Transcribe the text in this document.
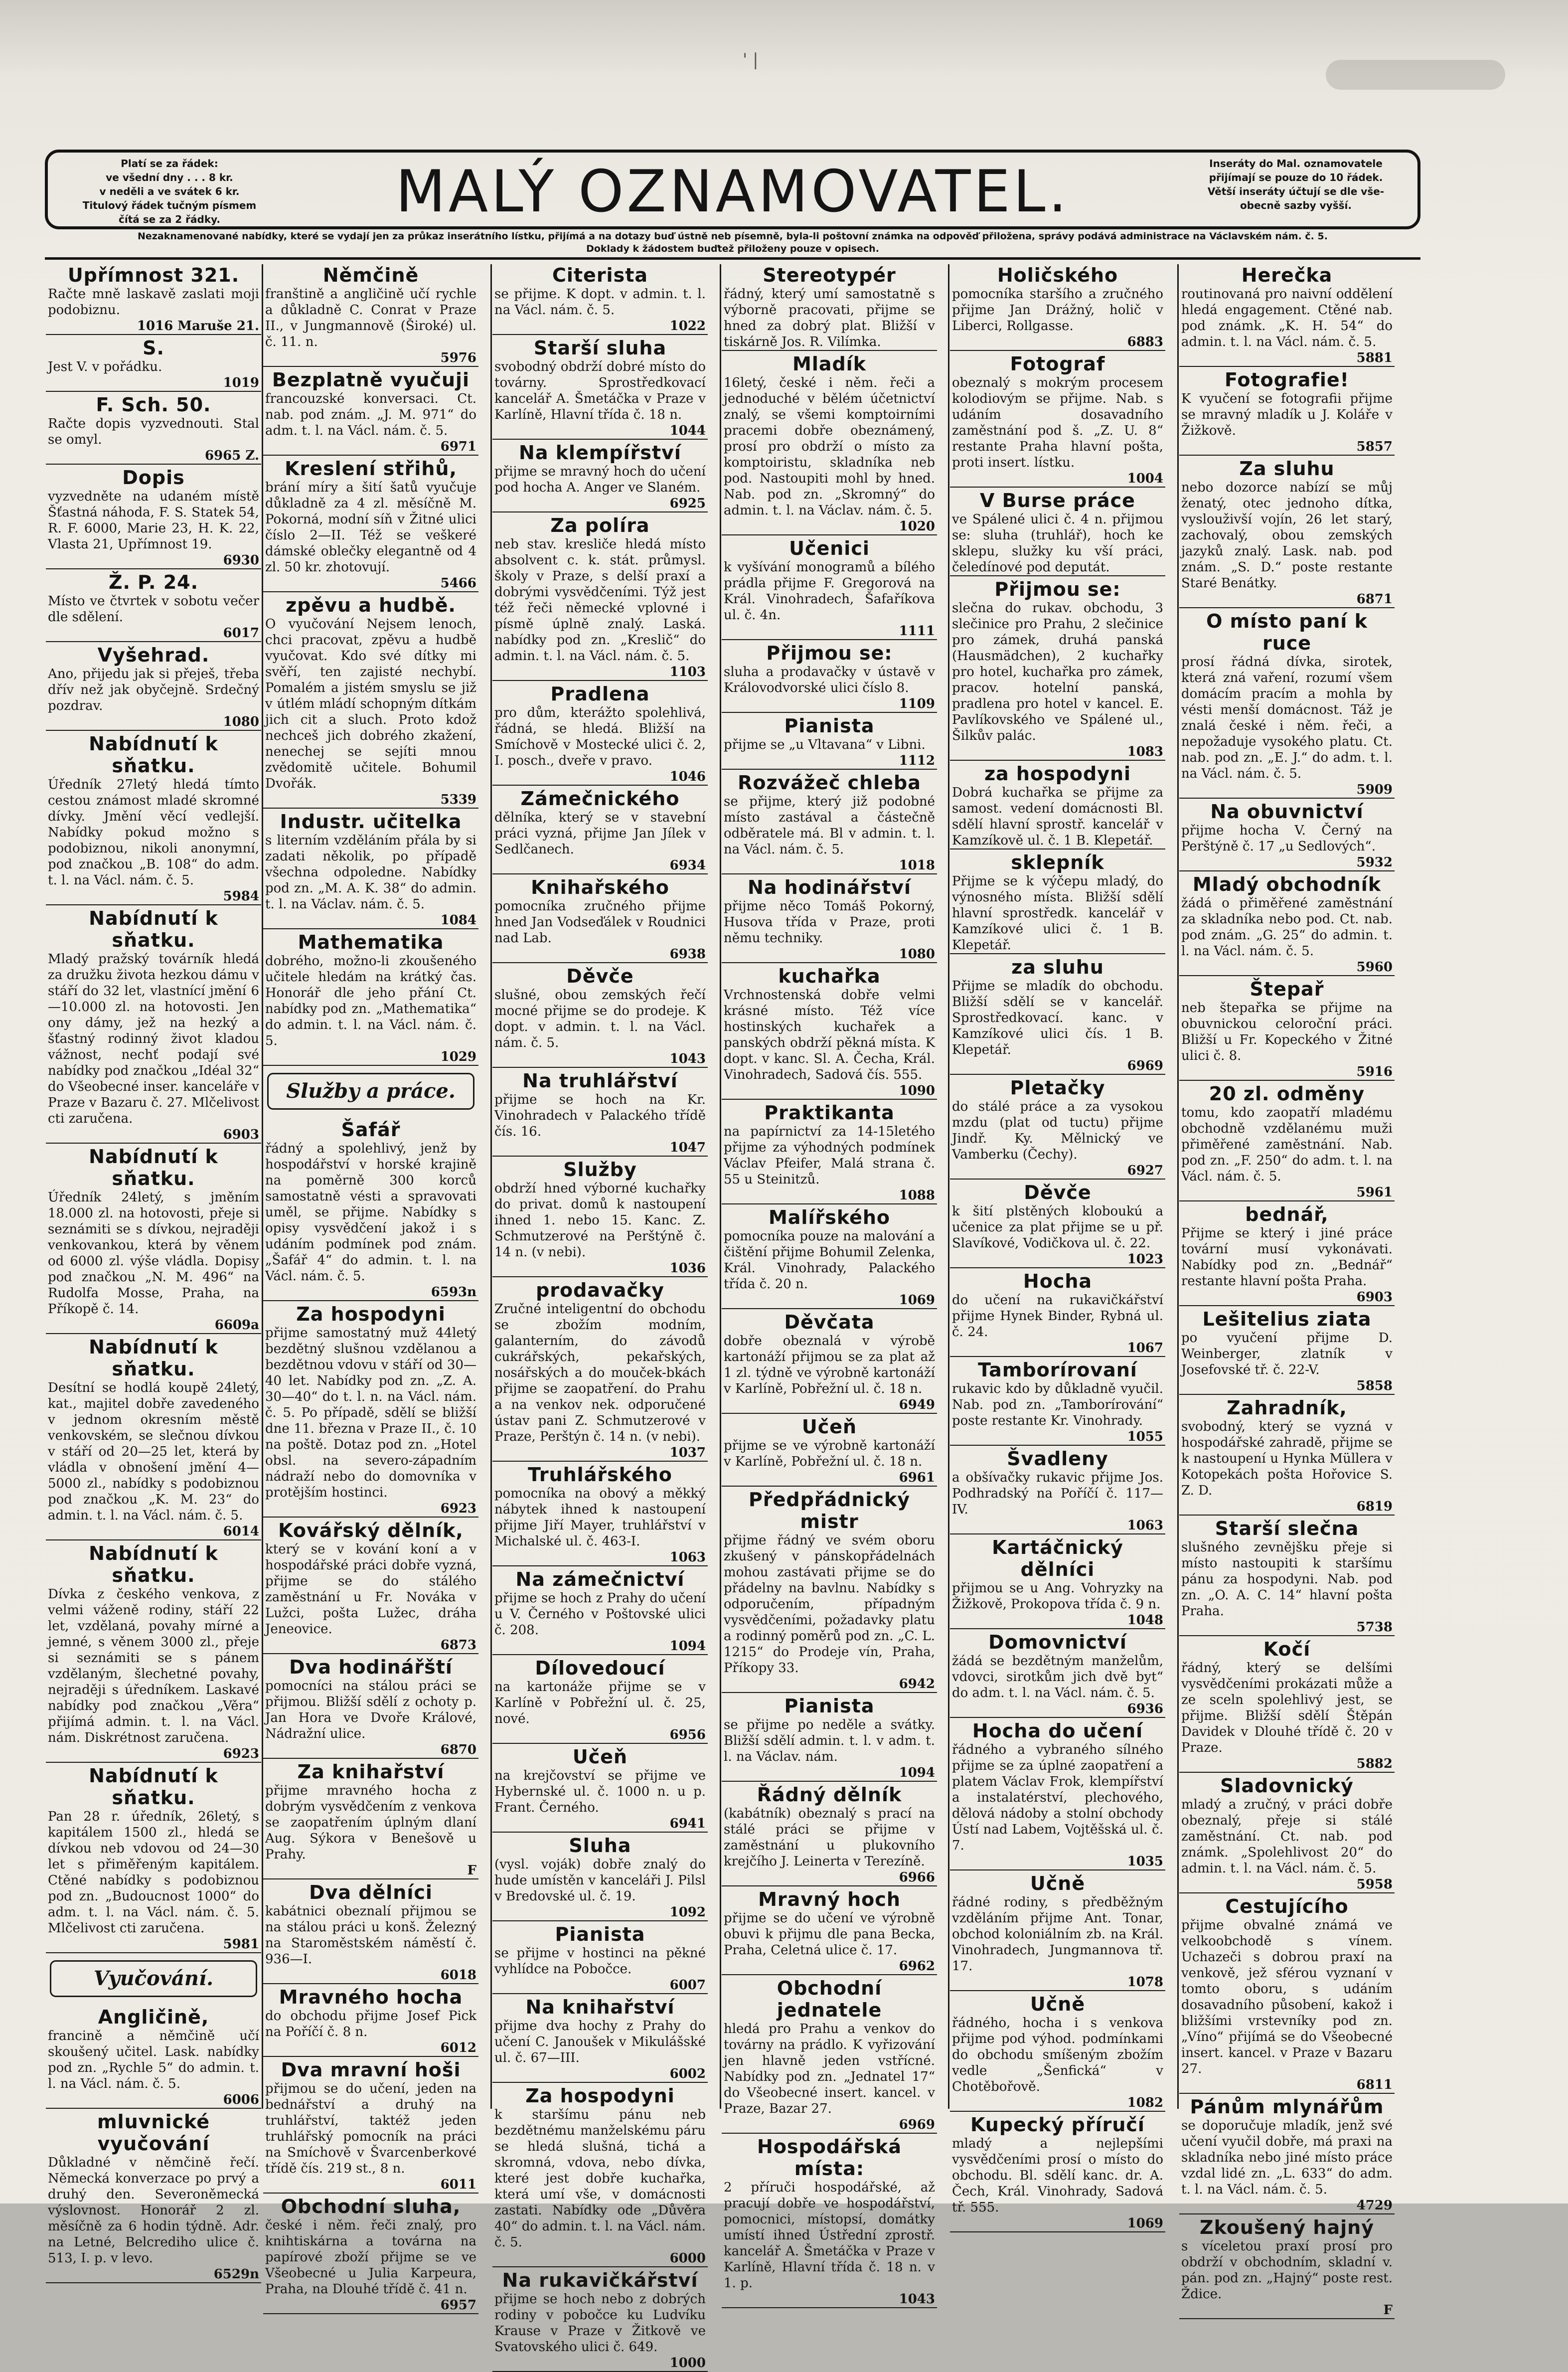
' |
Platí se za řádek:
ve všední dny . . . 8 kr.
v neděli a ve svátek 6 kr.
Titulový řádek tučným písmem
čítá se za 2 řádky.	MALÝ OZNAMOVATEL.	Inseráty do Mal. oznamovatele
přijímají se pouze do 10 řádek.
Větší inseráty účtují se dle vše-
obecně sazby vyšší.
Nezaknamenované nabídky, které se vydají jen za průkaz inserátního lístku, přijímá a na dotazy buď ústně neb písemně, byla-li poštovní známka na odpověď přiložena, správy podává administrace na Václavském nám. č. 5. Doklady k žádostem buďtež přiloženy pouze v opisech.
Upřímnost 321.

Račte mně laskavě zaslati moji podobiznu.

1016 Maruše 21.
S.

Jest V. v pořádku.

1019
F. Sch. 50.

Račte dopis vyzvednouti. Stal se omyl.

6965 Z.
Dopis

vyzvedněte na udaném místě Šťastná náhoda, F. S. Statek 54, R. F. 6000, Marie 23, H. K. 22, Vlasta 21, Upřímnost 19.

6930
Ž. P. 24.

Místo ve čtvrtek v sobotu večer dle sdělení.

6017
Vyšehrad.

Ano, přijedu jak si přeješ, třeba dřív než jak obyčejně. Srdečný pozdrav.

1080
Nabídnutí k sňatku.

Úředník 27letý hledá tímto cestou známost mladé skromné dívky. Jmění věcí vedlejší. Nabídky pokud možno s podobiznou, nikoli anonymní, pod značkou „B. 108“ do adm. t. l. na Václ. nám. č. 5.

5984
Nabídnutí k sňatku.

Mladý pražský továrník hledá za družku života hezkou dámu v stáří do 32 let, vlastnící jmění 6—10.000 zl. na hotovosti. Jen ony dámy, jež na hezký a šťastný rodinný život kladou vážnost, nechť podají své nabídky pod značkou „Idéal 32“ do Všeobecné inser. kanceláře v Praze v Bazaru č. 27. Mlčelivost cti zaručena.

6903
Nabídnutí k sňatku.

Úředník 24letý, s jměním 18.000 zl. na hotovosti, přeje si seznámiti se s dívkou, nejraději venkovankou, která by věnem od 6000 zl. výše vládla. Dopisy pod značkou „N. M. 496“ na Rudolfa Mosse, Praha, na Příkopě č. 14.

6609a
Nabídnutí k sňatku.

Desítní se hodlá koupě 24letý, kat., majitel dobře zavedeného v jednom okresním městě venkovském, se slečnou dívkou v stáří od 20—25 let, která by vládla v obnošení jmění 4—5000 zl., nabídky s podobiznou pod značkou „K. M. 23“ do admin. t. l. na Václ. nám. č. 5.

6014
Nabídnutí k sňatku.

Dívka z českého venkova, z velmi váženě rodiny, stáří 22 let, vzdělaná, povahy mírné a jemné, s věnem 3000 zl., přeje si seznámiti se s pánem vzdělaným, šlechetné povahy, nejraději s úředníkem. Laskavé nabídky pod značkou „Věra“ přijímá admin. t. l. na Václ. nám. Diskrétnost zaručena.

6923
Nabídnutí k sňatku.

Pan 28 r. úředník, 26letý, s kapitálem 1500 zl., hledá se dívkou neb vdovou od 24—30 let s přiměřeným kapitálem. Ctěné nabídky s podobiznou pod zn. „Budoucnost 1000“ do adm. t. l. na Václ. nám. č. 5. Mlčelivost cti zaručena.

5981
Vyučování.
Angličině,

francině a němčině učí skoušený učitel. Lask. nabídky pod zn. „Rychle 5“ do admin. t. l. na Václ. nám. č. 5.

6006
mluvnické vyučování

Důkladné v němčině řečí. Německá konverzace po prvý a druhý den. Severoněmecká výslovnost. Honorář 2 zl. měsíčně za 6 hodin týdně. Adr. na Letné, Belcrediho ulice č. 513, I. p. v levo.

6529n
Němčině

franštině a angličině učí rychle a důkladně C. Conrat v Praze II., v Jungmannově (Široké) ul. č. 11. n.

5976
Bezplatně vyučuji

francouzské konversaci. Ct. nab. pod znám. „J. M. 971“ do adm. t. l. na Václ. nám. č. 5.

6971
Kreslení střihů,

brání míry a šití šatů vyučuje důkladně za 4 zl. měsíčně M. Pokorná, modní síň v Žitné ulici číslo 2—II. Též se veškeré dámské oblečky elegantně od 4 zl. 50 kr. zhotovují.

5466
zpěvu a hudbě.

O vyučování Nejsem lenoch, chci pracovat, zpěvu a hudbě vyučovat. Kdo své dítky mi svěří, ten zajisté nechybí. Pomalém a jistém smyslu se již v útlém mládí schopným dítkám jich cit a sluch. Proto kdož nechceš jich dobrého zkažení, nenechej se sejíti mnou zvědomitě učitele. Bohumil Dvořák.

5339
Industr. učitelka

s literním vzděláním přála by si zadati několik, po případě všechna odpoledne. Nabídky pod zn. „M. A. K. 38“ do admin. t. l. na Václav. nám. č. 5.

1084
Mathematika

dobrého, možno-li zkoušeného učitele hledám na krátký čas. Honorář dle jeho přání Ct. nabídky pod zn. „Mathematika“ do admin. t. l. na Václ. nám. č. 5.

1029
Služby a práce.
Šafář

řádný a spolehlivý, jenž by hospodářství v horské krajině na poměrně 300 korců samostatně vésti a spravovati uměl, se přijme. Nabídky s opisy vysvědčení jakož i s udáním podmínek pod znám. „Šafář 4“ do admin. t. l. na Václ. nám. č. 5.

6593n
Za hospodyni

přijme samostatný muž 44letý bezdětný slušnou vzdělanou a bezdětnou vdovu v stáří od 30—40 let. Nabídky pod zn. „Z. A. 30—40“ do t. l. n. na Václ. nám. č. 5. Po případě, sdělí se bližší dne 11. března v Praze II., č. 10 na poště. Dotaz pod zn. „Hotel obsl. na severo-západním nádraží nebo do domovníka v protějším hostinci.

6923
Kovářský dělník,

který se v kování koní a v hospodářské práci dobře vyzná, přijme se do stálého zaměstnání u Fr. Nováka v Lužci, pošta Lužec, dráha Jeneovice.

6873
Dva hodinářští

pomocníci na stálou práci se přijmou. Bližší sdělí z ochoty p. Jan Hora ve Dvoře Králové, Nádražní ulice.

6870
Za knihařství

přijme mravného hocha z dobrým vysvědčením z venkova se zaopatřením úplným dlaní Aug. Sýkora v Benešově u Prahy.

F
Dva dělníci

kabátnici obeznalí přijmou se na stálou práci u konš. Železný na Staroměstském náměstí č. 936—I.

6018
Mravného hocha

do obchodu přijme Josef Pick na Poříčí č. 8 n.

6012
Dva mravní hoši

přijmou se do učení, jeden na bednářství a druhý na truhlářství, taktéž jeden truhlářský pomocník na práci na Smíchově v Švarcenberkové třídě čís. 219 st., 8 n.

6011
Obchodní sluha,

české i něm. řeči znalý, pro knihtiskárna a továrna na papírové zboží přijme se ve Všeobecné u Julia Karpeura, Praha, na Dlouhé třídě č. 41 n.

6957
Citerista

se přijme. K dopt. v admin. t. l. na Václ. nám. č. 5.

1022
Starší sluha

svobodný obdrží dobré místo do továrny. Sprostředkovací kancelář A. Šmetáčka v Praze v Karlíně, Hlavní třída č. 18 n.

1044
Na klempířství

přijme se mravný hoch do učení pod hocha A. Anger ve Slaném.

6925
Za políra

neb stav. kresliče hledá místo absolvent c. k. stát. průmysl. školy v Praze, s delší praxí a dobrými vysvědčeními. Týž jest též řeči německé vplovné i písmě úplně znalý. Laská. nabídky pod zn. „Kreslič“ do admin. t. l. na Václ. nám. č. 5.

1103
Pradlena

pro dům, kterážto spolehlivá, řádná, se hledá. Bližší na Smíchově v Mostecké ulici č. 2, I. posch., dveře v pravo.

1046
Zámečnického

dělníka, který se v stavební práci vyzná, přijme Jan Jílek v Sedlčanech.

6934
Knihařského

pomocníka zručného přijme hned Jan Vodseďálek v Roudnici nad Lab.

6938
Děvče

slušné, obou zemských řečí mocné přijme se do prodeje. K dopt. v admin. t. l. na Václ. nám. č. 5.

1043
Na truhlářství

přijme se hoch na Kr. Vinohradech v Palackého třídě čís. 16.

1047
Služby

obdrží hned výborné kuchařky do privat. domů k nastoupení ihned 1. nebo 15. Kanc. Z. Schmutzerové na Perštýně č. 14 n. (v nebi).

1036
prodavačky

Zručné inteligentní do obchodu se zbožím modním, galanterním, do závodů cukrářských, pekařských, nosářských a do mouček-bkách přijme se zaopatření. do Prahu a na venkov nek. odporučené ústav pani Z. Schmutzerové v Praze, Perštýn č. 14 n. (v nebi).

1037
Truhlářského

pomocníka na obový a měkký nábytek ihned k nastoupení přijme Jiří Mayer, truhlářství v Michalské ul. č. 463-I.

1063
Na zámečnictví

přijme se hoch z Prahy do učení u V. Černého v Poštovské ulici č. 208.

1094
Dílovedoucí

na kartonáže přijme se v Karlíně v Pobřežní ul. č. 25, nové.

6956
Učeň

na krejčovství se přijme ve Hybernské ul. č. 1000 n. u p. Frant. Černého.

6941
Sluha

(vysl. voják) dobře znalý do hude umístěn v kanceláři J. Pilsl v Bredovské ul. č. 19.

1092
Pianista

se přijme v hostinci na pěkné vyhlídce na Pobočce.

6007
Na knihařství

přijme dva hochy z Prahy do učení C. Janoušek v Mikulášské ul. č. 67—III.

6002
Za hospodyni

k staršímu pánu neb bezdětnému manželskému páru se hledá slušná, tichá a skromná, vdova, nebo dívka, které jest dobře kuchařka, která umí vše, v domácnosti zastati. Nabídky ode „Důvěra 40“ do admin. t. l. na Václ. nám. č. 5.

6000
Na rukavičkářství

přijme se hoch nebo z dobrých rodiny v pobočce ku Ludvíku Krause v Praze v Žitkově ve Svatovského ulici č. 649.

1000
Stereotypér

řádný, který umí samostatně s výborně pracovati, přijme se hned za dobrý plat. Bližší v tiskárně Jos. R. Vilímka.

Mladík

16letý, české i něm. řeči a jednoduché v bělém účetnictví znalý, se všemi komptoirními pracemi dobře obeznámený, prosí pro obdrží o místo za komptoiristu, skladníka neb pod. Nastoupiti mohl by hned. Nab. pod zn. „Skromný“ do admin. t. l. na Václav. nám. č. 5.

1020
Učenici

k vyšívání monogramů a bílého prádla přijme F. Gregorová na Král. Vinohradech, Šafaříkova ul. č. 4n.

1111
Přijmou se:

sluha a prodavačky v ústavě v Královodvorské ulici číslo 8.

1109
Pianista

přijme se „u Vltavana“ v Libni.

1112
Rozvážeč chleba

se přijme, který již podobné místo zastával a částečně odběratele má. Bl v admin. t. l. na Václ. nám. č. 5.

1018
Na hodinářství

přijme něco Tomáš Pokorný, Husova třída v Praze, proti němu techniky.

1080
kuchařka

Vrchnostenská dobře velmi krásné místo. Též více hostinských kuchařek a panských obdrží pěkná místa. K dopt. v kanc. Sl. A. Čecha, Král. Vinohradech, Sadová čís. 555.

1090
Praktikanta

na papírnictví za 14-15letého přijme za výhodných podmínek Václav Pfeifer, Malá strana č. 55 u Steinitzů.

1088
Malířského

pomocníka pouze na malování a čištění přijme Bohumil Zelenka, Král. Vinohrady, Palackého třída č. 20 n.

1069
Děvčata

dobře obeznalá v výrobě kartonáží přijmou se za plat až 1 zl. týdně ve výrobně kartonáží v Karlíně, Pobřežní ul. č. 18 n.

6949
Učeň

přijme se ve výrobně kartonáží v Karlíně, Pobřežní ul. č. 18 n.

6961
Předpřádnický mistr

přijme řádný ve svém oboru zkušený v pánskopřádelnách mohou zastávati přijme se do přádelny na bavlnu. Nabídky s odporučením, případným vysvědčeními, požadavky platu a rodinný poměrů pod zn. „C. L. 1215“ do Prodeje vín, Praha, Příkopy 33.

6942
Pianista

se přijme po neděle a svátky. Bližší sdělí admin. t. l. v adm. t. l. na Václav. nám.

1094
Řádný dělník

(kabátník) obeznalý s prací na stálé práci se přijme v zaměstnání u plukovního krejčího J. Leinerta v Terezíně.

6966
Mravný hoch

přijme se do učení ve výrobně obuvi k přijmu dle pana Becka, Praha, Celetná ulice č. 17.

6962
Obchodní jednatele

hledá pro Prahu a venkov do továrny na prádlo. K vyřizování jen hlavně jeden vstřícné. Nabídky pod zn. „Jednatel 17“ do Všeobecné insert. kancel. v Praze, Bazar 27.

6969
Hospodářská místa:

2 příruči hospodářské, až pracují dobře ve hospodářství, pomocnici, místopsí, domátky umístí ihned Ústřední zprostř. kancelář A. Šmetáčka v Praze v Karlíně, Hlavní třída č. 18 n. v 1. p.

1043
Holičského

pomocníka staršího a zručného přijme Jan Drážný, holič v Liberci, Rollgasse.

6883
Fotograf

obeznalý s mokrým procesem kolodiovým se přijme. Nab. s udáním dosavadního zaměstnání pod š. „Z. U. 8“ restante Praha hlavní pošta, proti insert. lístku.

1004
V Burse práce

ve Spálené ulici č. 4 n. přijmou se: sluha (truhlář), hoch ke sklepu, služky ku vší práci, čeledínové pod deputát.

Přijmou se:

slečna do rukav. obchodu, 3 slečinice pro Prahu, 2 slečinice pro zámek, druhá panská (Hausmädchen), 2 kuchařky pro hotel, kuchařka pro zámek, pracov. hotelní panská, pradlena pro hotel v kancel. E. Pavlíkovského ve Spálené ul., Šilkův palác.

1083
za hospodyni

Dobrá kuchařka se přijme za samost. vedení domácnosti Bl. sdělí hlavní sprostř. kancelář v Kamzíkově ul. č. 1 B. Klepetář.

sklepník

Přijme se k výčepu mladý, do výnosného místa. Bližší sdělí hlavní sprostředk. kancelář v Kamzíkové ulici č. 1 B. Klepetář.

za sluhu

Přijme se mladík do obchodu. Bližší sdělí se v kancelář. Sprostředkovací. kanc. v Kamzíkové ulici čís. 1 B. Klepetář.

6969
Pletačky

do stálé práce a za vysokou mzdu (plat od tuctu) přijme Jindř. Ky. Mělnický ve Vamberku (Čechy).

6927
Děvče

k šití plstěných kloboukú a učenice za plat přijme se u př. Slavíkové, Vodičkova ul. č. 22.

1023
Hocha

do učení na rukavičkářství přijme Hynek Binder, Rybná ul. č. 24.

1067
Tamborírovaní

rukavic kdo by důkladně vyučil. Nab. pod zn. „Tamborírování“ poste restante Kr. Vinohrady.

1055
Švadleny

a obšívačky rukavic přijme Jos. Podhradský na Poříčí č. 117—IV.

1063
Kartáčnický dělníci

přijmou se u Ang. Vohryzky na Žižkově, Prokopova třída č. 9 n.

1048
Domovnictví

žádá se bezdětným manželům, vdovci, sirotkům jich dvě byt“ do adm. t. l. na Václ. nám. č. 5.

6936
Hocha do učení

řádného a vybraného sílného přijme se za úplné zaopatření a platem Václav Frok, klempířství a instalatérství, plechového, dělová nádoby a stolní obchody Ústí nad Labem, Vojtěšská ul. č. 7.

1035
Učně

řádné rodiny, s předběžným vzděláním přijme Ant. Tonar, obchod koloniálním zb. na Král. Vinohradech, Jungmannova tř. 17.

1078
Učně

řádného, hocha i s venkova přijme pod výhod. podmínkami do obchodu smíšeným zbožím vedle „Šenfická“ v Chotěbořově.

1082
Kupecký příručí

mladý a nejlepšími vysvědčeními prosí o místo do obchodu. Bl. sdělí kanc. dr. A. Čech, Král. Vinohrady, Sadová tř. 555.

1069
Herečka

routinovaná pro naivní oddělení hledá engagement. Ctěné nab. pod známk. „K. H. 54“ do admin. t. l. na Václ. nám. č. 5.

5881
Fotografie!

K vyučení se fotografii přijme se mravný mladík u J. Koláře v Žižkově.

5857
Za sluhu

nebo dozorce nabízí se můj ženatý, otec jednoho dítka, vyslouživší vojín, 26 let starý, zachovalý, obou zemských jazyků znalý. Lask. nab. pod znám. „S. D.“ poste restante Staré Benátky.

6871
O místo paní k ruce

prosí řádná dívka, sirotek, která zná vaření, rozumí všem domácím pracím a mohla by vésti menší domácnost. Táž je znalá české i něm. řeči, a nepožaduje vysokého platu. Ct. nab. pod zn. „E. J.“ do adm. t. l. na Václ. nám. č. 5.

5909
Na obuvnictví

přijme hocha V. Černý na Perštýně č. 17 „u Sedlových“.

5932
Mladý obchodník

žádá o přiměřené zaměstnání za skladníka nebo pod. Ct. nab. pod znám. „G. 25“ do admin. t. l. na Václ. nám. č. 5.

5960
Štepař

neb štepařka se přijme na obuvnickou celoroční práci. Bližší u Fr. Kopeckého v Žitné ulici č. 8.

5916
20 zl. odměny

tomu, kdo zaopatří mladému obchodně vzdělanému muži přiměřené zaměstnání. Nab. pod zn. „F. 250“ do adm. t. l. na Václ. nám. č. 5.

5961
bednář,

Přijme se který i jiné práce tovární musí vykonávati. Nabídky pod zn. „Bednář“ restante hlavní pošta Praha.

6903
Lešitelius ziata

po vyučení přijme D. Weinberger, zlatník v Josefovské tř. č. 22-V.

5858
Zahradník,

svobodný, který se vyzná v hospodářské zahradě, přijme se k nastoupení u Hynka Müllera v Kotopekách pošta Hořovice S. Z. D.

6819
Starší slečna

slušného zevnějšku přeje si místo nastoupiti k staršímu pánu za hospodyni. Nab. pod zn. „O. A. C. 14“ hlavní pošta Praha.

5738
Kočí

řádný, který se delšími vysvědčeními prokázati může a ze sceln spolehlivý jest, se přijme. Bližší sdělí Štěpán Davidek v Dlouhé třídě č. 20 v Praze.

5882
Sladovnický

mladý a zručný, v práci dobře obeznalý, přeje si stálé zaměstnání. Ct. nab. pod známk. „Spolehlivost 20“ do admin. t. l. na Václ. nám. č. 5.

5958
Cestujícího

přijme obvalné známá ve velkoobchodě s vínem. Uchazeči s dobrou praxí na venkově, jež sférou vyznaní v tomto oboru, s udáním dosavadního působení, kakož i bližšími vrstevníky pod zn. „Víno“ přijímá se do Všeobecné insert. kancel. v Praze v Bazaru 27.

6811
Pánům mlynářům

se doporučuje mladík, jenž své učení vyučil dobře, má praxi na skladníka nebo jiné místo práce vzdal lidé zn. „L. 633“ do adm. t. l. na Václ. nám. č. 5.

4729
Zkoušený hajný

s víceletou praxí prosí pro obdrží v obchodním, skladní v. pán. pod zn. „Hajný“ poste rest. Ždice.

F
